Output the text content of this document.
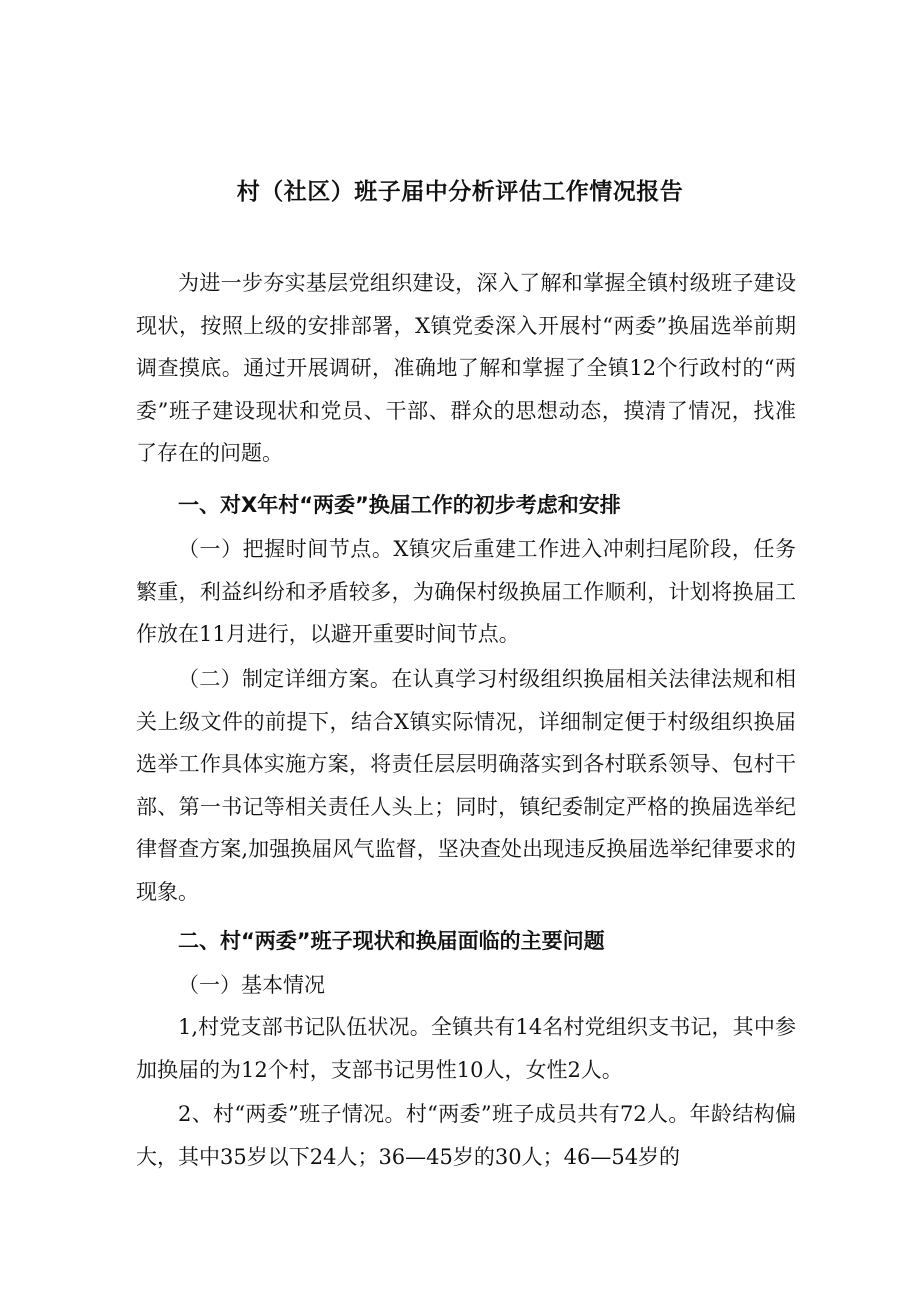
村（社区）班子届中分析评估工作情况报告
为进一步夯实基层党组织建设，深入了解和掌握全镇村级班子建设现状，按照上级的安排部署，X镇党委深入开展村“两委”换届选举前期调查摸底。通过开展调研，准确地了解和掌握了全镇12个行政村的“两委”班子建设现状和党员、干部、群众的思想动态，摸清了情况，找准了存在的问题。
一、对X年村“两委”换届工作的初步考虑和安排
（一）把握时间节点。X镇灾后重建工作进入冲刺扫尾阶段，任务繁重，利益纠纷和矛盾较多，为确保村级换届工作顺利，计划将换届工作放在11月进行，以避开重要时间节点。
（二）制定详细方案。在认真学习村级组织换届相关法律法规和相关上级文件的前提下，结合X镇实际情况，详细制定便于村级组织换届选举工作具体实施方案，将责任层层明确落实到各村联系领导、包村干部、第一书记等相关责任人头上；同时，镇纪委制定严格的换届选举纪律督查方案,加强换届风气监督，坚决查处出现违反换届选举纪律要求的现象。
二、村“两委”班子现状和换届面临的主要问题
（一）基本情况
1,村党支部书记队伍状况。全镇共有14名村党组织支书记，其中参加换届的为12个村，支部书记男性10人，女性2人。
2、村“两委”班子情况。村“两委”班子成员共有72人。年龄结构偏大，其中35岁以下24人；36—45岁的30人；46—54岁的
